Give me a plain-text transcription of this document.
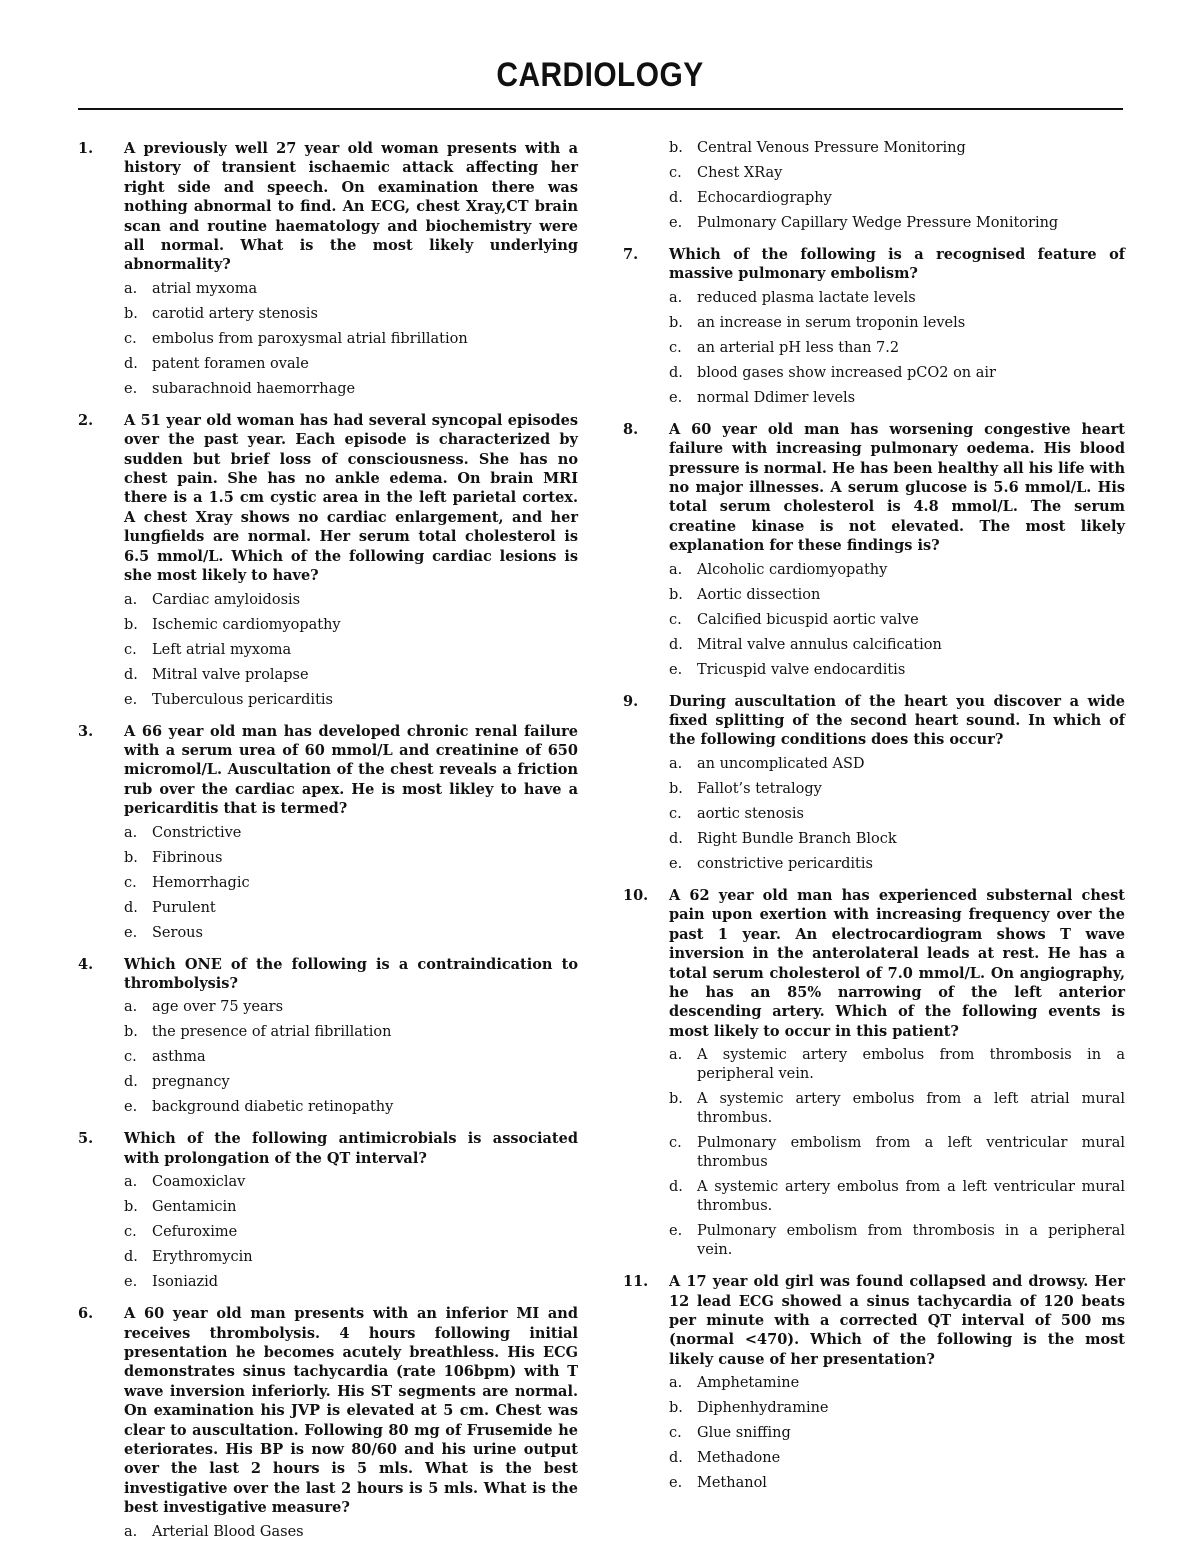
CARDIOLOGY
1.	A previously well 27 year old woman presents with a history of transient ischaemic attack affecting her right side and speech. On examination there was nothing abnormal to find. An ECG, chest Xray,CT brain scan and routine haematology and biochemistry were all normal. What is the most likely underlying abnormality?
a.	atrial myxoma
b. carotid artery stenosis
c.	embolus from paroxysmal atrial fibrillation
d. patent foramen ovale
e.	subarachnoid haemorrhage
2.	A 51 year old woman has had several syncopal episodes over the past year. Each episode is characterized by sudden but brief loss of consciousness. She has no chest pain. She has no ankle edema. On brain MRI there is a 1.5 cm cystic area in the left parietal cortex. A chest Xray shows no cardiac enlargement, and her lungfields are normal. Her serum total cholesterol is 6.5 mmol/L. Which of the following cardiac lesions is she most likely to have?
a.	Cardiac amyloidosis
b. Ischemic cardiomyopathy
c.	Left atrial myxoma
d. Mitral valve prolapse
e.	Tuberculous pericarditis
3.	A 66 year old man has developed chronic renal failure with a serum urea of 60 mmol/L and creatinine of 650 micromol/L. Auscultation of the chest reveals a friction rub over the cardiac apex. He is most likley to have a pericarditis that is termed?
a.	Constrictive
b. Fibrinous
c.	Hemorrhagic
d. Purulent
e.	Serous
4.	Which ONE of the following is a contraindication to thrombolysis?
a.	age over 75 years
b. the presence of atrial fibrillation
c.	asthma
d. pregnancy
e.	background diabetic retinopathy
5.	Which of the following antimicrobials is associated with prolongation of the QT interval?
a.	Coamoxiclav
b. Gentamicin
c.	Cefuroxime
d. Erythromycin
e.	Isoniazid
6.	A 60 year old man presents with an inferior MI and receives thrombolysis. 4 hours following initial presentation he becomes acutely breathless. His ECG demonstrates sinus tachycardia (rate 106bpm) with T wave inversion inferiorly. His ST segments are normal. On examination his JVP is elevated at 5 cm. Chest was clear to auscultation. Following 80 mg of Frusemide he eteriorates. His BP is now 80/60 and his urine output over the last 2 hours is 5 mls. What is the best investigative over the last 2 hours is 5 mls. What is the best investigative measure?
a.	Arterial Blood Gases
b. Central Venous Pressure Monitoring
c.	Chest XRay
d. Echocardiography
e.	Pulmonary Capillary Wedge Pressure Monitoring
7.	Which of the following is a recognised feature of massive pulmonary embolism?
a.	reduced plasma lactate levels
b. an increase in serum troponin levels
c.	an arterial pH less than 7.2
d. blood gases show increased pCO2 on air
e.	normal Ddimer levels
8.	A 60 year old man has worsening congestive heart failure with increasing pulmonary oedema. His blood pressure is normal. He has been healthy all his life with no major illnesses. A serum glucose is 5.6 mmol/L. His total serum cholesterol is 4.8 mmol/L. The serum creatine kinase is not elevated. The most likely explanation for these findings is?
a.	Alcoholic cardiomyopathy
b. Aortic dissection
c.	Calcified bicuspid aortic valve
d. Mitral valve annulus calcification
e.	Tricuspid valve endocarditis
9.	During auscultation of the heart you discover a wide fixed splitting of the second heart sound. In which of the following conditions does this occur?
a.	an uncomplicated ASD
b. Fallot’s tetralogy
c.	aortic stenosis
d. Right Bundle Branch Block
e.	constrictive pericarditis
10.	A 62 year old man has experienced substernal chest pain upon exertion with increasing frequency over the past 1 year. An electrocardiogram shows T wave inversion in the anterolateral leads at rest. He has a total serum cholesterol of 7.0 mmol/L. On angiography, he has an 85% narrowing of the left anterior descending artery. Which of the following events is most likely to occur in this patient?
a.	A systemic artery embolus from thrombosis in a peripheral vein.
b. A systemic artery embolus from a left atrial mural thrombus.
c.	Pulmonary embolism from a left ventricular mural thrombus
d. A systemic artery embolus from a left ventricular mural thrombus.
e.	Pulmonary embolism from thrombosis in a peripheral vein.
11.	A 17 year old girl was found collapsed and drowsy. Her 12 lead ECG showed a sinus tachycardia of 120 beats per minute with a corrected QT interval of 500 ms (normal <470). Which of the following is the most likely cause of her presentation?
a.	Amphetamine
b. Diphenhydramine
c.	Glue sniffing
d. Methadone
e.	Methanol
